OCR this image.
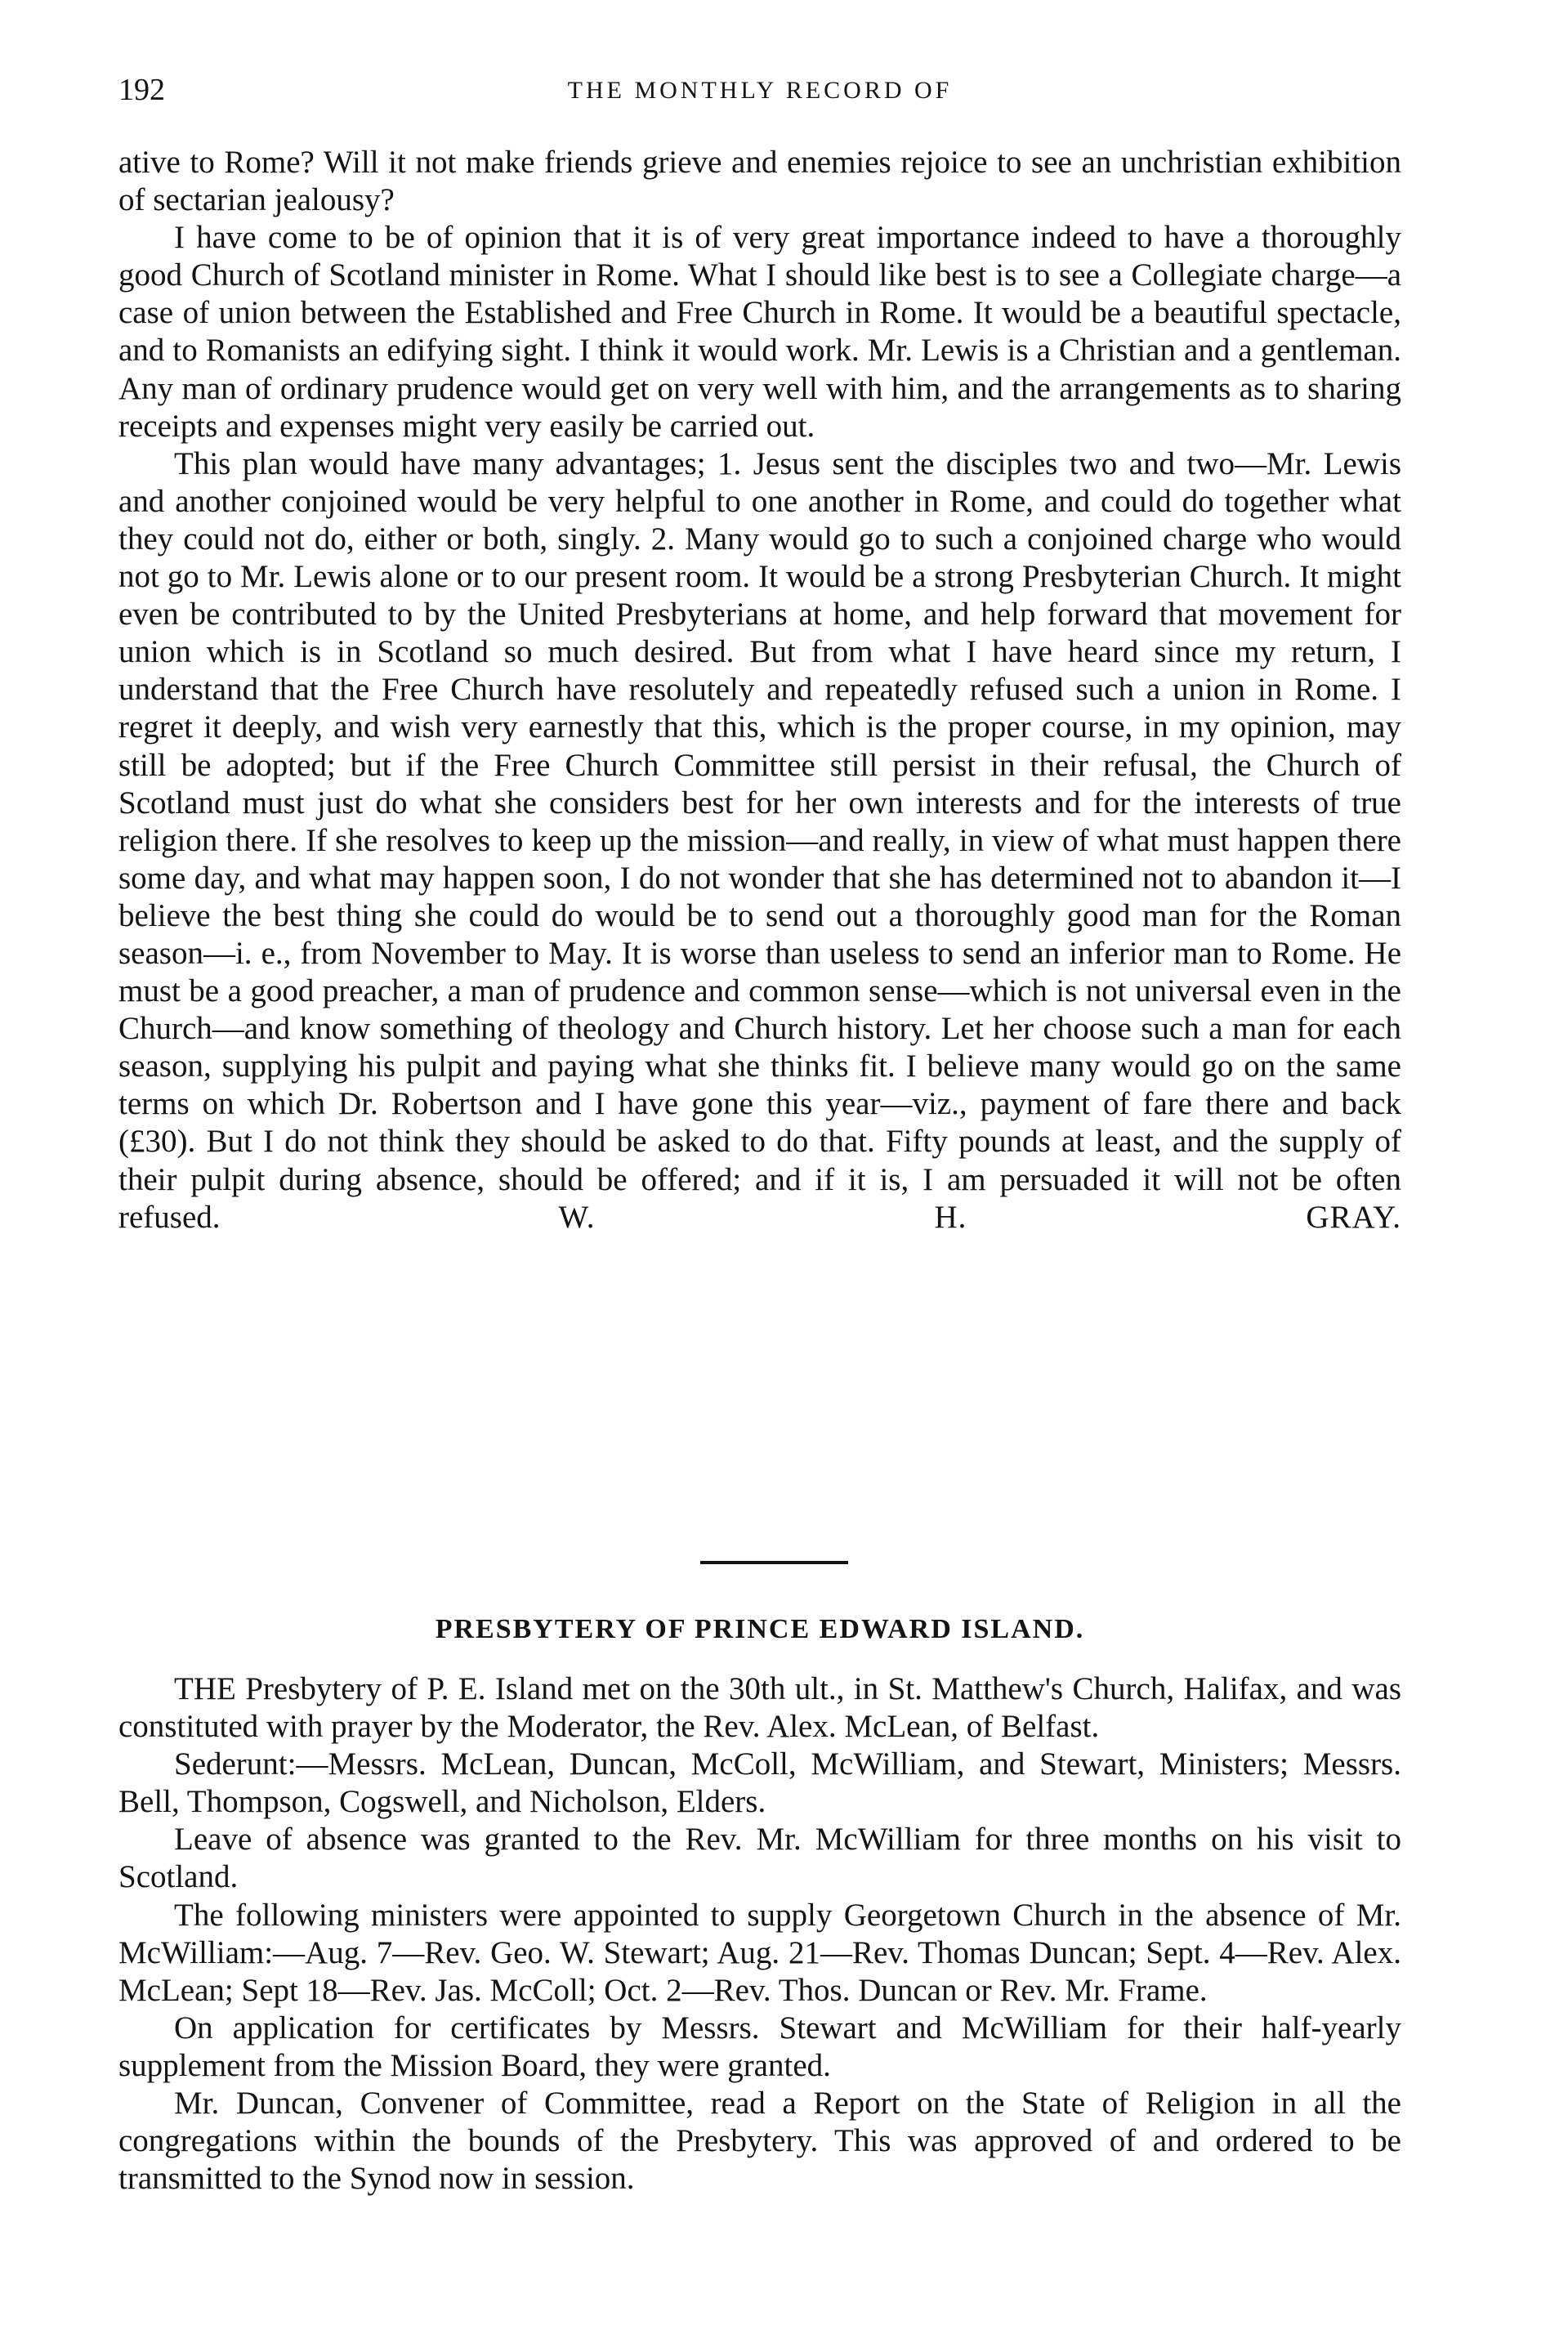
192	THE MONTHLY RECORD OF

ative to Rome? Will it not make friends grieve and enemies rejoice to see an unchristian exhibition of sectarian jealousy?

I have come to be of opinion that it is of very great importance indeed to have a thoroughly good Church of Scotland minister in Rome. What I should like best is to see a Collegiate charge—a case of union between the Established and Free Church in Rome. It would be a beautiful spectacle, and to Romanists an edifying sight. I think it would work. Mr. Lewis is a Christian and a gentleman. Any man of ordinary prudence would get on very well with him, and the arrangements as to sharing receipts and expenses might very easily be carried out.

This plan would have many advantages; 1. Jesus sent the disciples two and two—Mr. Lewis and another conjoined would be very helpful to one another in Rome, and could do together what they could not do, either or both, singly. 2. Many would go to such a conjoined charge who would not go to Mr. Lewis alone or to our present room. It would be a strong Presbyterian Church. It might even be contributed to by the United Presbyterians at home, and help forward that movement for union which is in Scotland so much desired. But from what I have heard since my return, I understand that the Free Church have resolutely and repeatedly refused such a union in Rome. I regret it deeply, and wish very earnestly that this, which is the proper course, in my opinion, may still be adopted; but if the Free Church Committee still persist in their refusal, the Church of Scotland must just do what she considers best for her own interests and for the interests of true religion there. If she resolves to keep up the mission—and really, in view of what must happen there some day, and what may happen soon, I do not wonder that she has determined not to abandon it—I believe the best thing she could do would be to send out a thoroughly good man for the Roman season—i. e., from November to May. It is worse than useless to send an inferior man to Rome. He must be a good preacher, a man of prudence and common sense—which is not universal even in the Church—and know something of theology and Church history. Let her choose such a man for each season, supplying his pulpit and paying what she thinks fit. I believe many would go on the same terms on which Dr. Robertson and I have gone this year—viz., payment of fare there and back (£30). But I do not think they should be asked to do that. Fifty pounds at least, and the supply of their pulpit during absence, should be offered; and if it is, I am persuaded it will not be often refused.	W. H. GRAY.

PRESBYTERY OF PRINCE EDWARD ISLAND.

THE Presbytery of P. E. Island met on the 30th ult., in St. Matthew's Church, Halifax, and was constituted with prayer by the Moderator, the Rev. Alex. McLean, of Belfast.

Sederunt:—Messrs. McLean, Duncan, McColl, McWilliam, and Stewart, Ministers; Messrs. Bell, Thompson, Cogswell, and Nicholson, Elders.

Leave of absence was granted to the Rev. Mr. McWilliam for three months on his visit to Scotland.

The following ministers were appointed to supply Georgetown Church in the absence of Mr. McWilliam:—Aug. 7—Rev. Geo. W. Stewart; Aug. 21—Rev. Thomas Duncan; Sept. 4—Rev. Alex. McLean; Sept 18—Rev. Jas. McColl; Oct. 2—Rev. Thos. Duncan or Rev. Mr. Frame.

On application for certificates by Messrs. Stewart and McWilliam for their half-yearly supplement from the Mission Board, they were granted.

Mr. Duncan, Convener of Committee, read a Report on the State of Religion in all the congregations within the bounds of the Presbytery. This was approved of and ordered to be transmitted to the Synod now in session.
